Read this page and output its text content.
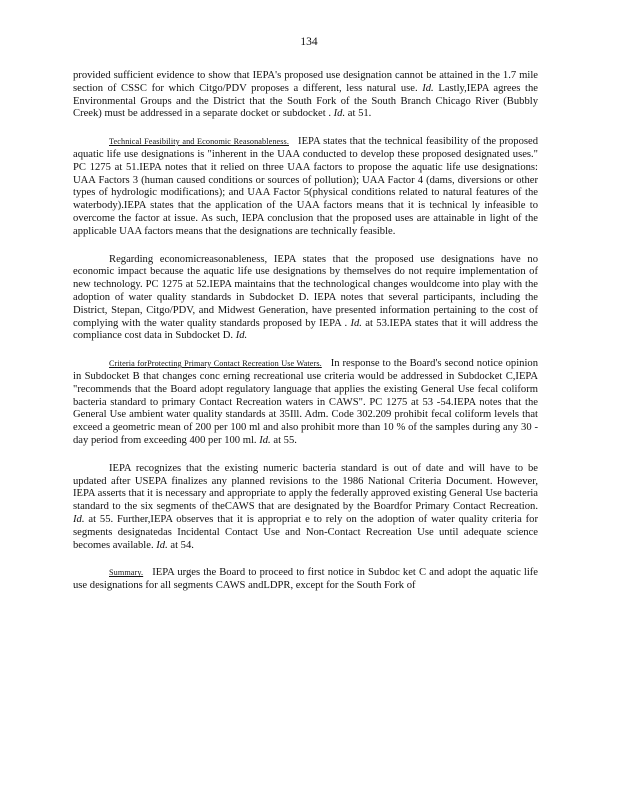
134

provided sufficient evidence to show that IEPA's proposed use designation cannot be attained in the 1.7 mile section of CSSC for which Citgo/PDV proposes a different, less natural use. Id. Lastly,IEPA agrees the Environmental Groups and the District that the South Fork of the South Branch Chicago River (Bubbly Creek) must be addressed in a separate docket or subdocket . Id. at 51.

Technical Feasibility and Economic Reasonableness. IEPA states that the technical feasibility of the proposed aquatic life use designations is "inherent in the UAA conducted to develop these proposed designated uses." PC 1275 at 51.IEPA notes that it relied on three UAA factors to propose the aquatic life use designations: UAA Factors 3 (human caused conditions or sources of pollution); UAA Factor 4 (dams, diversions or other types of hydrologic modifications); and UAA Factor 5(physical conditions related to natural features of the waterbody).IEPA states that the application of the UAA factors means that it is technical ly infeasible to overcome the factor at issue. As such, IEPA conclusion that the proposed uses are attainable in light of the applicable UAA factors means that the designations are technically feasible.

Regarding economicreasonableness, IEPA states that the proposed use designations have no economic impact because the aquatic life use designations by themselves do not require implementation of new technology. PC 1275 at 52.IEPA maintains that the technological changes wouldcome into play with the adoption of water quality standards in Subdocket D. IEPA notes that several participants, including the District, Stepan, Citgo/PDV, and Midwest Generation, have presented information pertaining to the cost of complying with the water quality standards proposed by IEPA . Id. at 53.IEPA states that it will address the compliance cost data in Subdocket D. Id.

Criteria forProtecting Primary Contact Recreation Use Waters. In response to the Board's second notice opinion in Subdocket B that changes conc erning recreational use criteria would be addressed in Subdocket C,IEPA "recommends that the Board adopt regulatory language that applies the existing General Use fecal coliform bacteria standard to primary Contact Recreation waters in CAWS". PC 1275 at 53 -54.IEPA notes that the General Use ambient water quality standards at 35Ill. Adm. Code 302.209 prohibit fecal coliform levels that exceed a geometric mean of 200 per 100 ml and also prohibit more than 10 % of the samples during any 30 -day period from exceeding 400 per 100 ml. Id. at 55.

IEPA recognizes that the existing numeric bacteria standard is out of date and will have to be updated after USEPA finalizes any planned revisions to the 1986 National Criteria Document. However, IEPA asserts that it is necessary and appropriate to apply the federally approved existing General Use bacteria standard to the six segments of theCAWS that are designated by the Boardfor Primary Contact Recreation. Id. at 55. Further,IEPA observes that it is appropriat e to rely on the adoption of water quality criteria for segments designatedas Incidental Contact Use and Non-Contact Recreation Use until adequate science becomes available. Id. at 54.

Summary. IEPA urges the Board to proceed to first notice in Subdoc ket C and adopt the aquatic life use designations for all segments CAWS andLDPR, except for the South Fork of
